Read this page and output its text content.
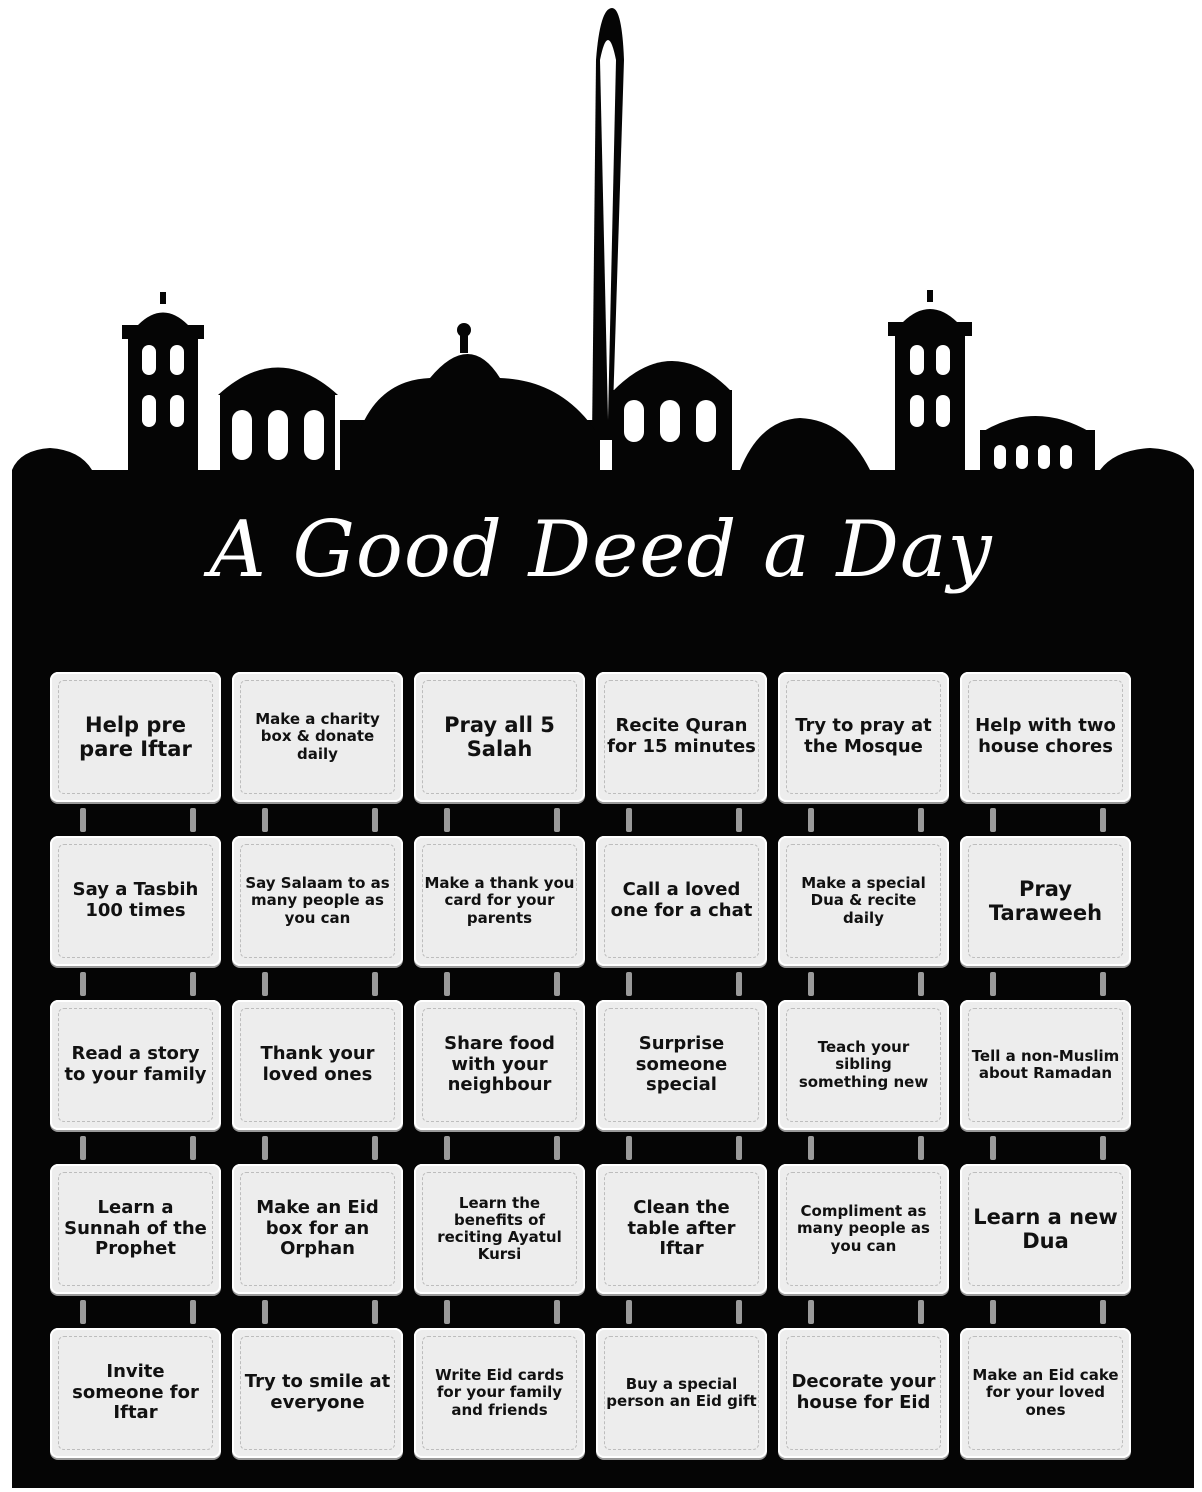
A Good Deed a Day
Help pre pare Iftar
Make a charity box & donate daily
Pray all 5 Salah
Recite Quran for 15 minutes
Try to pray at the Mosque
Help with two house chores
Say a Tasbih 100 times
Say Salaam to as many people as you can
Make a thank you card for your parents
Call a loved one for a chat
Make a special Dua & recite daily
Pray Taraweeh
Read a story to your family
Thank your loved ones
Share food with your neighbour
Surprise someone special
Teach your sibling something new
Tell a non-Muslim about Ramadan
Learn a Sunnah of the Prophet
Make an Eid box for an Orphan
Learn the benefits of reciting Ayatul Kursi
Clean the table after Iftar
Compliment as many people as you can
Learn a new Dua
Invite someone for Iftar
Try to smile at everyone
Write Eid cards for your family and friends
Buy a special person an Eid gift
Decorate your house for Eid
Make an Eid cake for your loved ones
